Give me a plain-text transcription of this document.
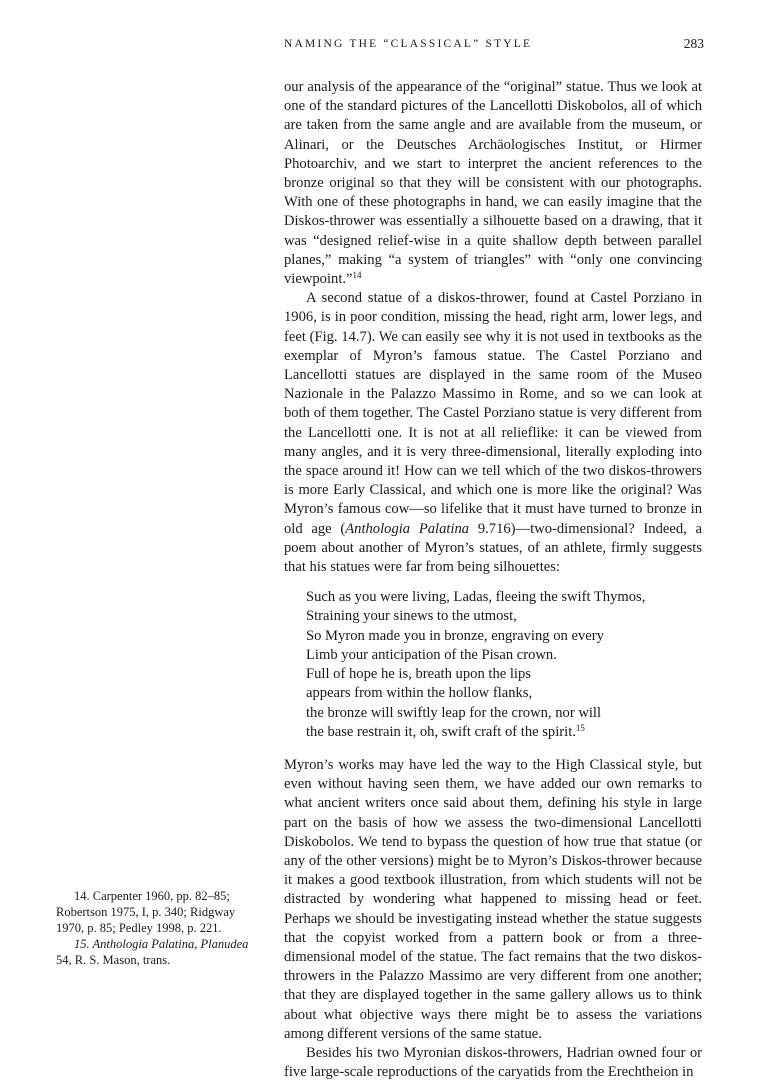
NAMING THE “CLASSICAL” STYLE	283

our analysis of the appearance of the “original” statue. Thus we look at one of the standard pictures of the Lancellotti Diskobolos, all of which are taken from the same angle and are available from the museum, or Alinari, or the Deutsches Archäologisches Institut, or Hirmer Photoarchiv, and we start to interpret the ancient references to the bronze original so that they will be consistent with our photographs. With one of these photographs in hand, we can easily imagine that the Diskos-thrower was essentially a silhouette based on a drawing, that it was “designed relief-wise in a quite shallow depth between parallel planes,” making “a system of triangles” with “only one convincing viewpoint.”$^{14}$

A second statue of a diskos-thrower, found at Castel Porziano in 1906, is in poor condition, missing the head, right arm, lower legs, and feet (Fig. 14.7). We can easily see why it is not used in textbooks as the exemplar of Myron’s famous statue. The Castel Porziano and Lancellotti statues are displayed in the same room of the Museo Nazionale in the Palazzo Massimo in Rome, and so we can look at both of them together. The Castel Porziano statue is very different from the Lancellotti one. It is not at all relieflike: it can be viewed from many angles, and it is very three-dimensional, literally exploding into the space around it! How can we tell which of the two diskos-throwers is more Early Classical, and which one is more like the original? Was Myron’s famous cow—so lifelike that it must have turned to bronze in old age (Anthologia Palatina 9.716)—two-dimensional? Indeed, a poem about another of Myron’s statues, of an athlete, firmly suggests that his statues were far from being silhouettes:

Such as you were living, Ladas, fleeing the swift Thymos,
Straining your sinews to the utmost,
So Myron made you in bronze, engraving on every
Limb your anticipation of the Pisan crown.
Full of hope he is, breath upon the lips
appears from within the hollow flanks,
the bronze will swiftly leap for the crown, nor will
the base restrain it, oh, swift craft of the spirit.$^{15}$

Myron’s works may have led the way to the High Classical style, but even without having seen them, we have added our own remarks to what ancient writers once said about them, defining his style in large part on the basis of how we assess the two-dimensional Lancellotti Diskobolos. We tend to bypass the question of how true that statue (or any of the other versions) might be to Myron’s Diskos-thrower because it makes a good textbook illustration, from which students will not be distracted by wondering what happened to missing head or feet. Perhaps we should be investigating instead whether the statue suggests that the copyist worked from a pattern book or from a three-dimensional model of the statue. The fact remains that the two diskos-throwers in the Palazzo Massimo are very different from one another; that they are displayed together in the same gallery allows us to think about what objective ways there might be to assess the variations among different versions of the same statue.

Besides his two Myronian diskos-throwers, Hadrian owned four or five large-scale reproductions of the caryatids from the Erechtheion in

14. Carpenter 1960, pp. 82–85; Robertson 1975, I, p. 340; Ridgway 1970, p. 85; Pedley 1998, p. 221.

15. Anthologia Palatina, Planudea 54, R. S. Mason, trans.
